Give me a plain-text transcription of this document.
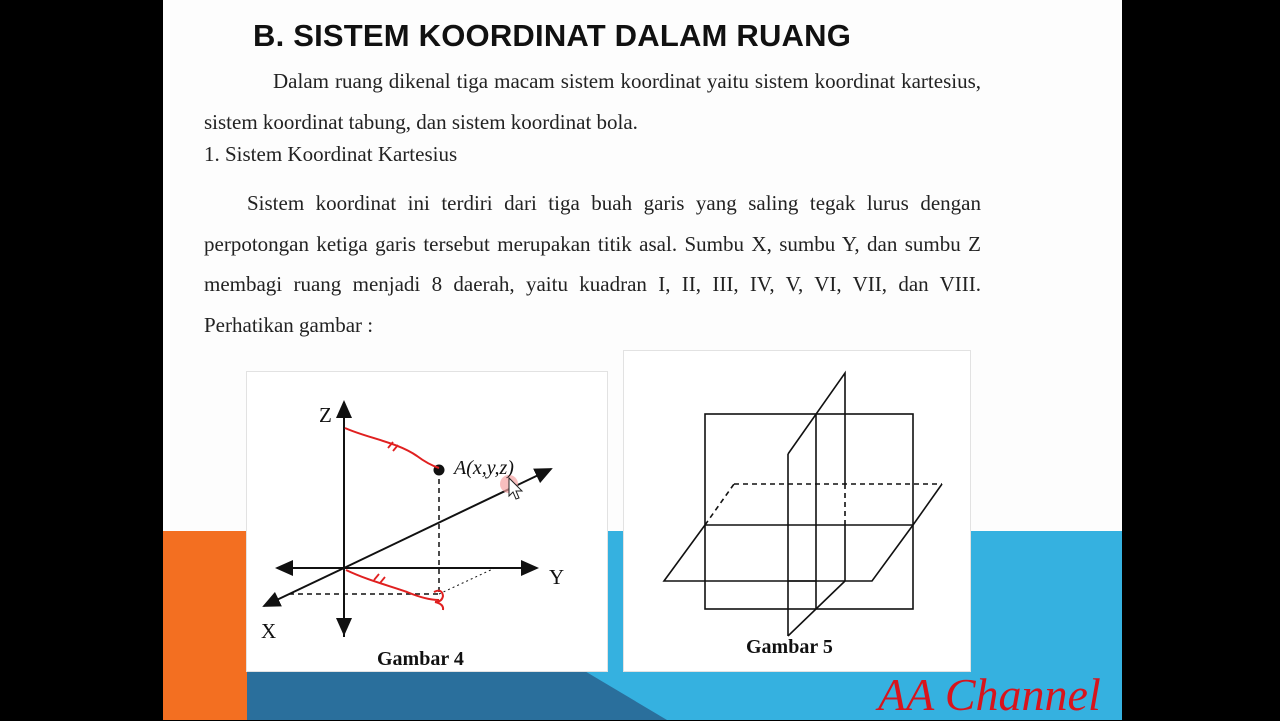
B. SISTEM KOORDINAT DALAM RUANG
Dalam ruang dikenal tiga macam sistem koordinat yaitu sistem koordinat kartesius, sistem koordinat tabung, dan sistem koordinat bola.
1. Sistem Koordinat Kartesius
Sistem koordinat ini terdiri dari tiga buah garis yang saling tegak lurus dengan perpotongan ketiga garis tersebut merupakan titik asal. Sumbu X, sumbu Y, dan sumbu Z membagi ruang menjadi 8 daerah, yaitu kuadran I, II, III, IV, V, VI, VII, dan VIII. Perhatikan gambar :
Z
Y
X
A(x,y,z)
Gambar 4
Gambar 5
AA Channel
